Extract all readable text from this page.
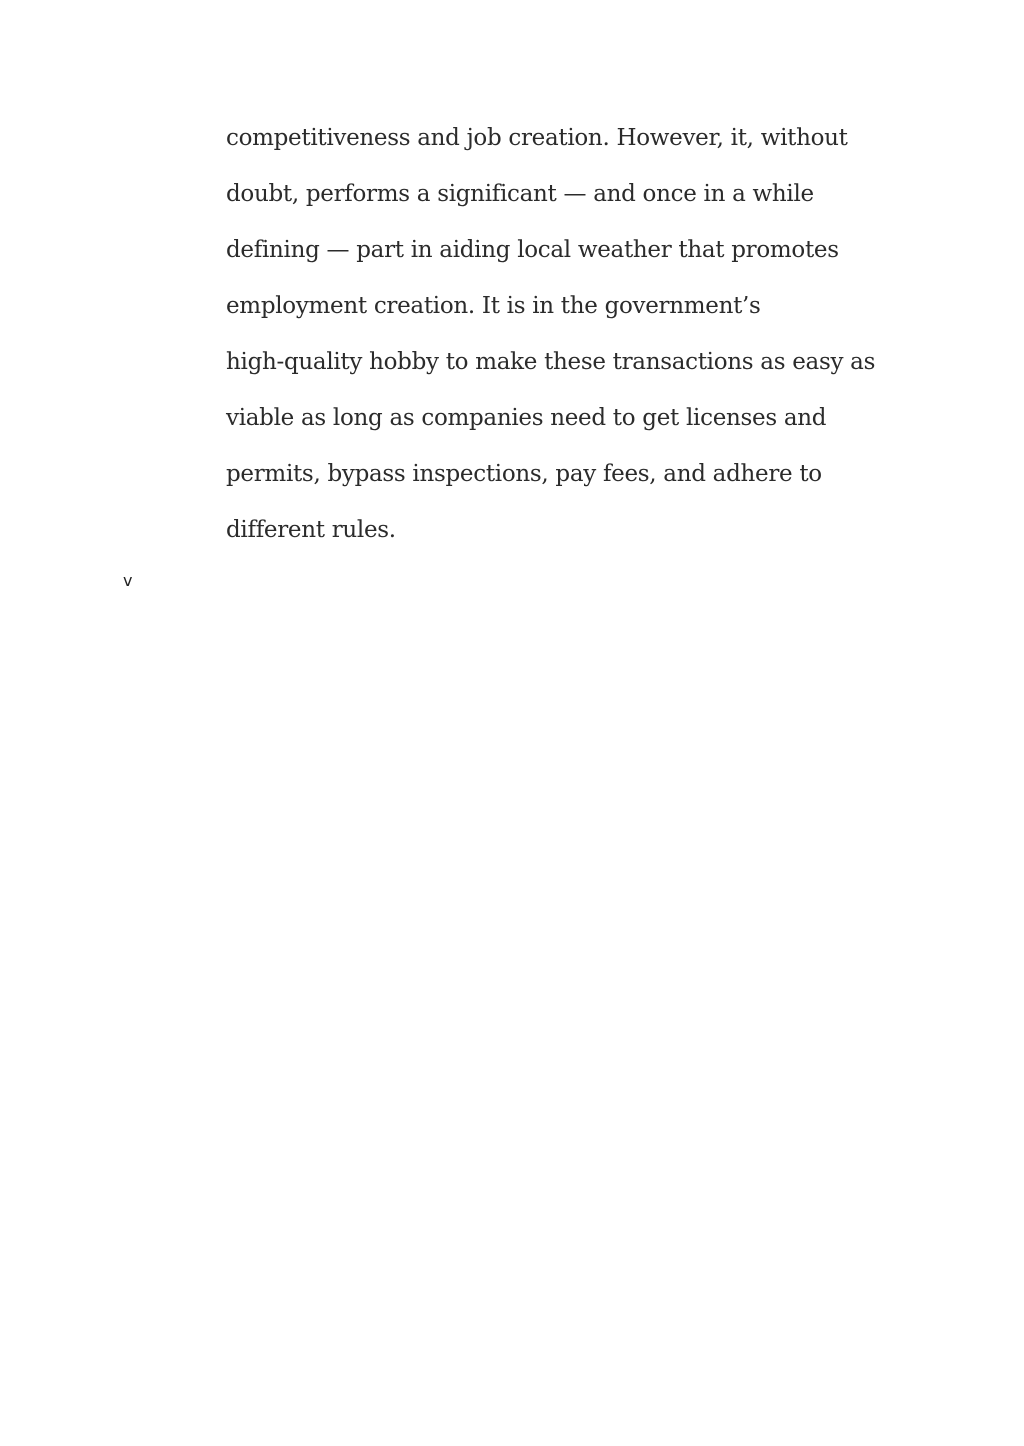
competitiveness and job creation. However, it, without
doubt, performs a significant — and once in a while
defining — part in aiding local weather that promotes
employment creation. It is in the government’s
high-quality hobby to make these transactions as easy as
viable as long as companies need to get licenses and
permits, bypass inspections, pay fees, and adhere to
different rules.
v
